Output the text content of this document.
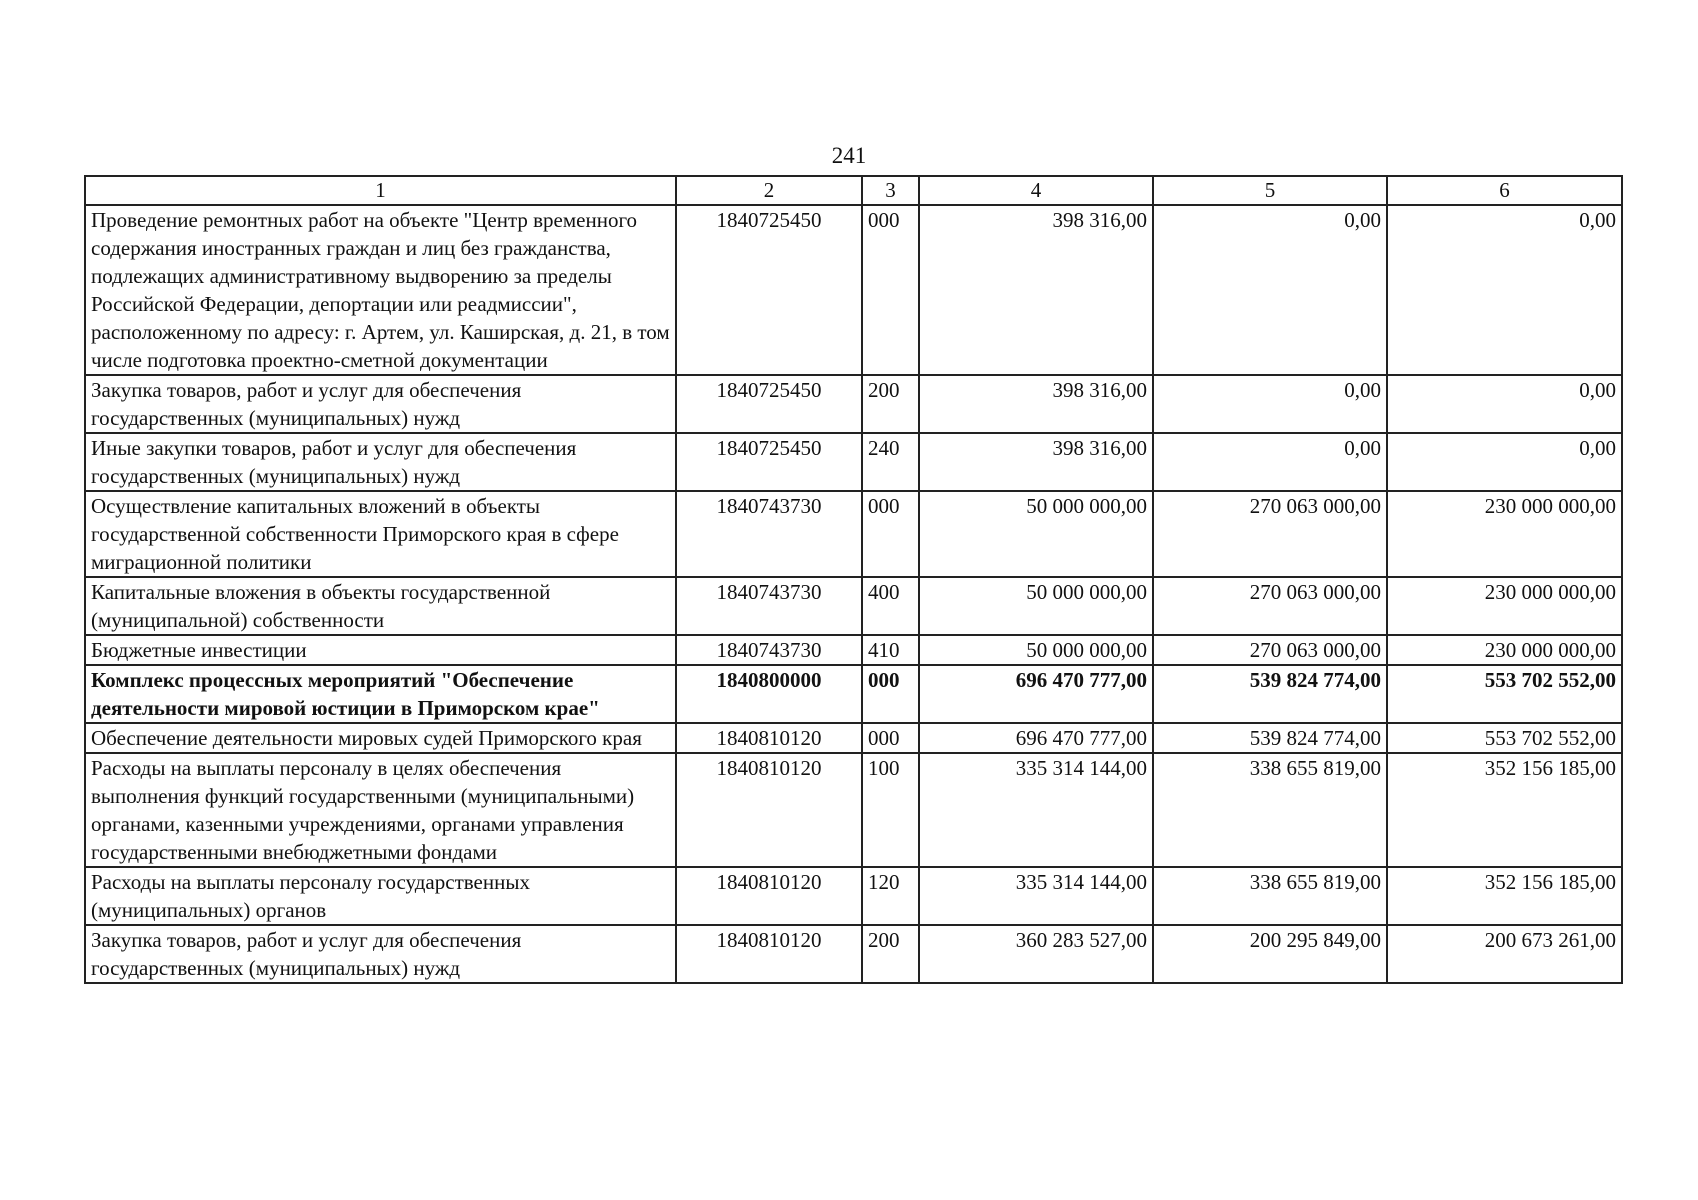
241
1	2	3	4	5	6
Проведение ремонтных работ на объекте "Центр временного содержания иностранных граждан и лиц без гражданства, подлежащих административному выдворению за пределы Российской Федерации, депортации или реадмиссии", расположенному по адресу: г. Артем, ул. Каширская, д. 21, в том числе подготовка проектно-сметной документации	1840725450	000	398 316,00	0,00	0,00
Закупка товаров, работ и услуг для обеспечения государственных (муниципальных) нужд	1840725450	200	398 316,00	0,00	0,00
Иные закупки товаров, работ и услуг для обеспечения государственных (муниципальных) нужд	1840725450	240	398 316,00	0,00	0,00
Осуществление капитальных вложений в объекты государственной собственности Приморского края в сфере миграционной политики	1840743730	000	50 000 000,00	270 063 000,00	230 000 000,00
Капитальные вложения в объекты государственной (муниципальной) собственности	1840743730	400	50 000 000,00	270 063 000,00	230 000 000,00
Бюджетные инвестиции	1840743730	410	50 000 000,00	270 063 000,00	230 000 000,00
Комплекс процессных мероприятий "Обеспечение деятельности мировой юстиции в Приморском крае"	1840800000	000	696 470 777,00	539 824 774,00	553 702 552,00
Обеспечение деятельности мировых судей Приморского края	1840810120	000	696 470 777,00	539 824 774,00	553 702 552,00
Расходы на выплаты персоналу в целях обеспечения выполнения функций государственными (муниципальными) органами, казенными учреждениями, органами управления государственными внебюджетными фондами	1840810120	100	335 314 144,00	338 655 819,00	352 156 185,00
Расходы на выплаты персоналу государственных (муниципальных) органов	1840810120	120	335 314 144,00	338 655 819,00	352 156 185,00
Закупка товаров, работ и услуг для обеспечения государственных (муниципальных) нужд	1840810120	200	360 283 527,00	200 295 849,00	200 673 261,00
